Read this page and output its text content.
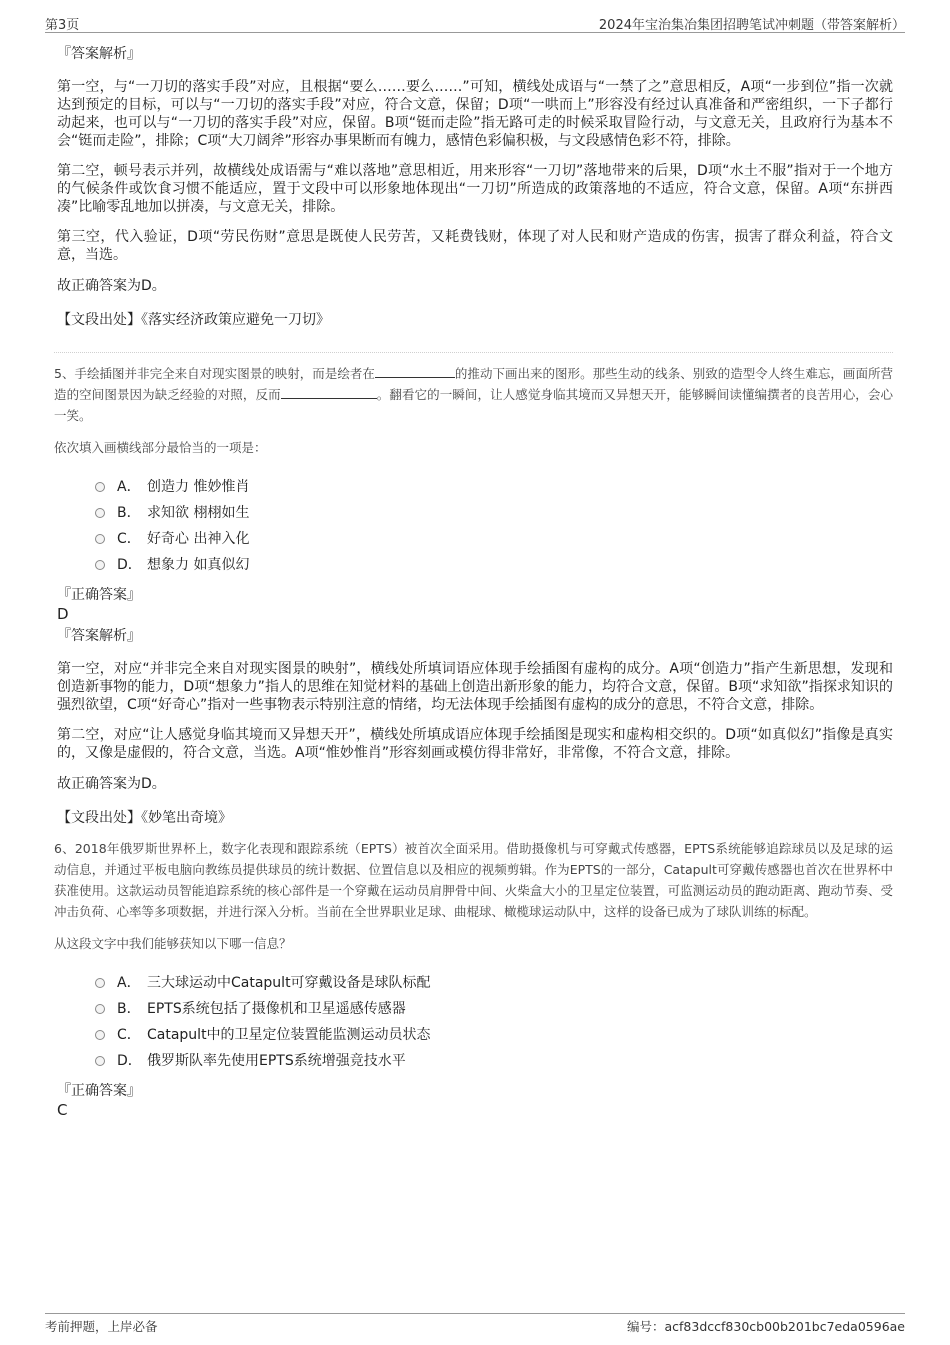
第3页	2024年宝治集冶集团招聘笔试冲刺题（带答案解析）

『答案解析』

第一空，与“一刀切的落实手段”对应，且根据“要么……要么……”可知，横线处成语与“一禁了之”意思相反，A项“一步到位”指一次就达到预定的目标，可以与“一刀切的落实手段”对应，符合文意，保留；D项“一哄而上”形容没有经过认真准备和严密组织，一下子都行动起来，也可以与“一刀切的落实手段”对应，保留。B项“铤而走险”指无路可走的时候采取冒险行动，与文意无关，且政府行为基本不会“铤而走险”，排除；C项“大刀阔斧”形容办事果断而有魄力，感情色彩偏积极，与文段感情色彩不符，排除。

第二空，顿号表示并列，故横线处成语需与“难以落地”意思相近，用来形容“一刀切”落地带来的后果，D项“水土不服”指对于一个地方的气候条件或饮食习惯不能适应，置于文段中可以形象地体现出“一刀切”所造成的政策落地的不适应，符合文意，保留。A项“东拼西凑”比喻零乱地加以拼凑，与文意无关，排除。

第三空，代入验证，D项“劳民伤财”意思是既使人民劳苦，又耗费钱财，体现了对人民和财产造成的伤害，损害了群众利益，符合文意，当选。

故正确答案为D。

【文段出处】《落实经济政策应避免一刀切》

5、手绘插图并非完全来自对现实图景的映射，而是绘者在	的推动下画出来的图形。那些生动的线条、别致的造型令人终生难忘，画面所营造的空间图景因为缺乏经验的对照，反而	。翻看它的一瞬间，让人感觉身临其境而又异想天开，能够瞬间读懂编撰者的良苦用心，会心一笑。

依次填入画横线部分最恰当的一项是：

A． 创造力 惟妙惟肖
B． 求知欲 栩栩如生
C． 好奇心 出神入化
D． 想象力 如真似幻

『正确答案』

D

『答案解析』

第一空，对应“并非完全来自对现实图景的映射”，横线处所填词语应体现手绘插图有虚构的成分。A项“创造力”指产生新思想，发现和创造新事物的能力，D项“想象力”指人的思维在知觉材料的基础上创造出新形象的能力，均符合文意，保留。B项“求知欲”指探求知识的强烈欲望，C项“好奇心”指对一些事物表示特别注意的情绪，均无法体现手绘插图有虚构的成分的意思，不符合文意，排除。

第二空，对应“让人感觉身临其境而又异想天开”，横线处所填成语应体现手绘插图是现实和虚构相交织的。D项“如真似幻”指像是真实的，又像是虚假的，符合文意，当选。A项“惟妙惟肖”形容刻画或模仿得非常好，非常像，不符合文意，排除。

故正确答案为D。

【文段出处】《妙笔出奇境》

6、2018年俄罗斯世界杯上，数字化表现和跟踪系统（EPTS）被首次全面采用。借助摄像机与可穿戴式传感器，EPTS系统能够追踪球员以及足球的运动信息，并通过平板电脑向教练员提供球员的统计数据、位置信息以及相应的视频剪辑。作为EPTS的一部分，Catapult可穿戴传感器也首次在世界杯中获准使用。这款运动员智能追踪系统的核心部件是一个穿戴在运动员肩胛骨中间、火柴盒大小的卫星定位装置，可监测运动员的跑动距离、跑动节奏、受冲击负荷、心率等多项数据，并进行深入分析。当前在全世界职业足球、曲棍球、橄榄球运动队中，这样的设备已成为了球队训练的标配。

从这段文字中我们能够获知以下哪一信息？

A． 三大球运动中Catapult可穿戴设备是球队标配
B． EPTS系统包括了摄像机和卫星遥感传感器
C． Catapult中的卫星定位装置能监测运动员状态
D． 俄罗斯队率先使用EPTS系统增强竞技水平

『正确答案』

C

考前押题，上岸必备	编号：acf83dccf830cb00b201bc7eda0596ae
